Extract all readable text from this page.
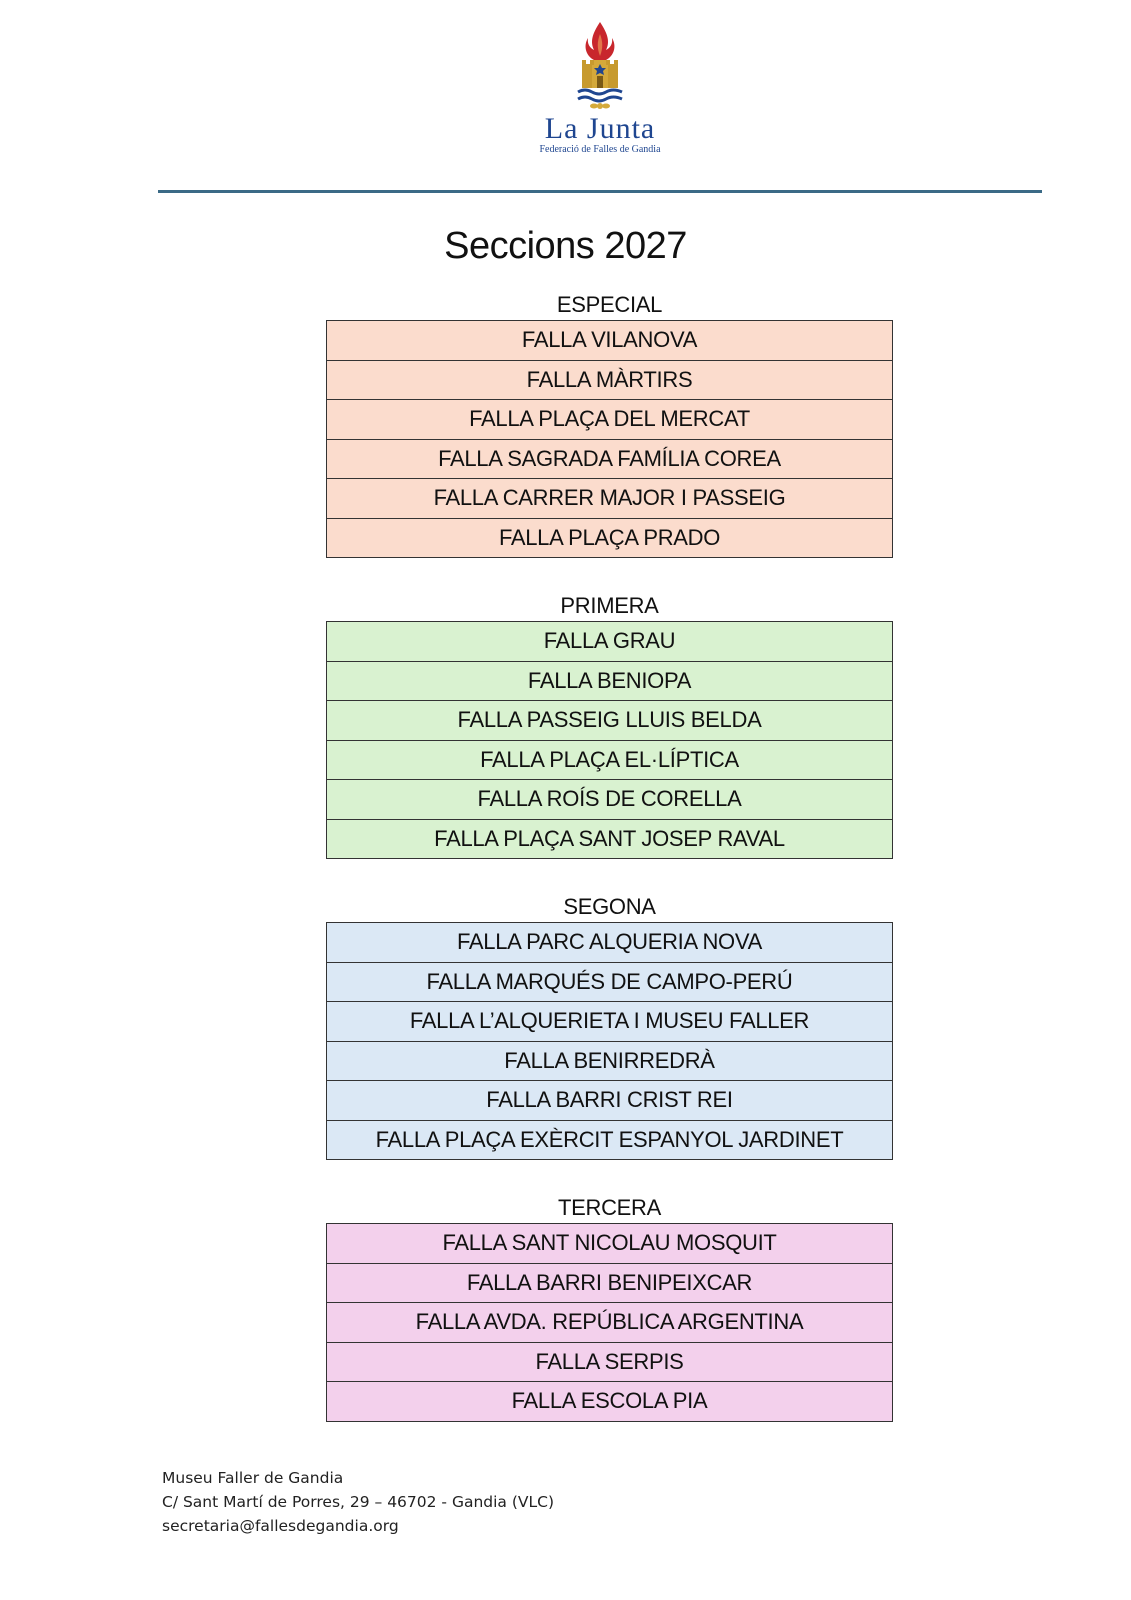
La Junta
Federació de Falles de Gandia
Seccions 2027
ESPECIAL
FALLA VILANOVA
FALLA MÀRTIRS
FALLA PLAÇA DEL MERCAT
FALLA SAGRADA FAMÍLIA COREA
FALLA CARRER MAJOR I PASSEIG
FALLA PLAÇA PRADO
PRIMERA
FALLA GRAU
FALLA BENIOPA
FALLA PASSEIG LLUIS BELDA
FALLA PLAÇA EL·LÍPTICA
FALLA ROÍS DE CORELLA
FALLA PLAÇA SANT JOSEP RAVAL
SEGONA
FALLA PARC ALQUERIA NOVA
FALLA MARQUÉS DE CAMPO-PERÚ
FALLA L’ALQUERIETA I MUSEU FALLER
FALLA BENIRREDRÀ
FALLA BARRI CRIST REI
FALLA PLAÇA EXÈRCIT ESPANYOL JARDINET
TERCERA
FALLA SANT NICOLAU MOSQUIT
FALLA BARRI BENIPEIXCAR
FALLA AVDA. REPÚBLICA ARGENTINA
FALLA SERPIS
FALLA ESCOLA PIA
Museu Faller de Gandia
C/ Sant Martí de Porres, 29 – 46702 - Gandia (VLC)
secretaria@fallesdegandia.org
